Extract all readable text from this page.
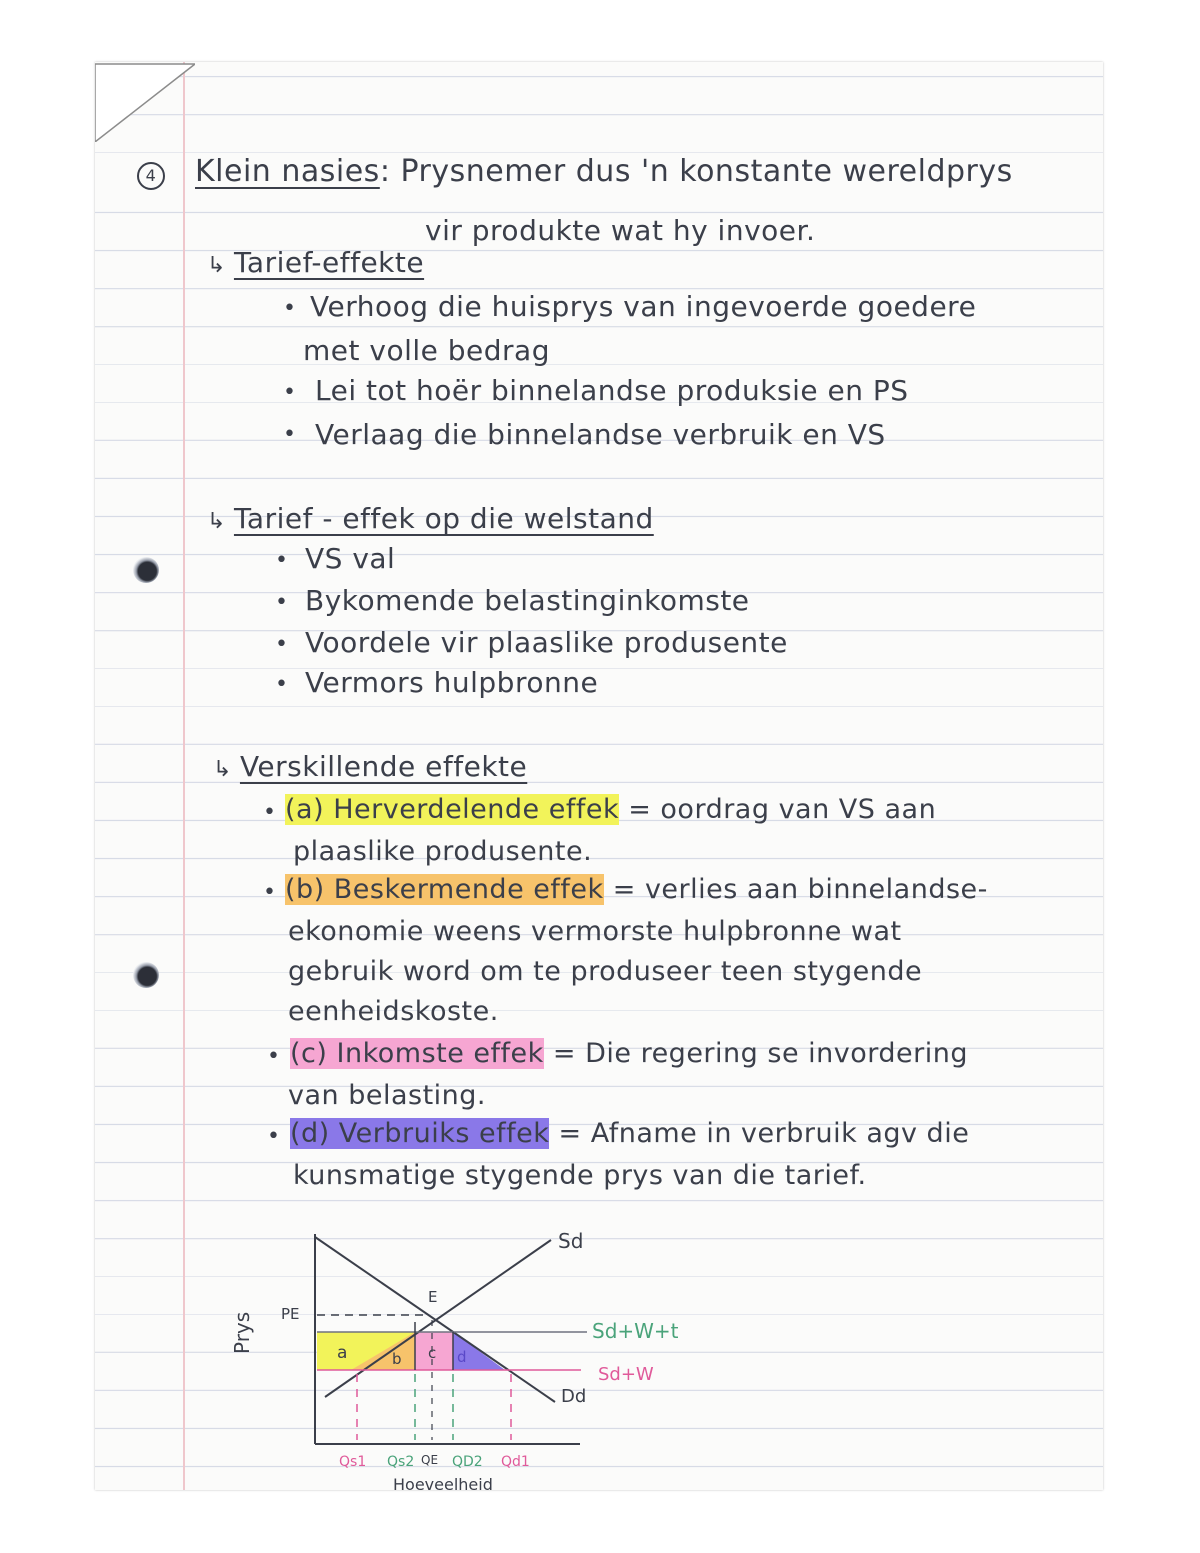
4 Klein nasies: Prysnemer dus 'n konstante wereldprys
vir produkte wat hy invoer.
↳ Tarief-effekte
• Verhoog die huisprys van ingevoerde goedere
met volle bedrag
• Lei tot hoër binnelandse produksie en PS
• Verlaag die binnelandse verbruik en VS
↳ Tarief - effek op die welstand
• VS val
• Bykomende belastinginkomste
• Voordele vir plaaslike produsente
• Vermors hulpbronne
↳ Verskillende effekte
• (a) Herverdelende effek = oordrag van VS aan
plaaslike produsente.
• (b) Beskermende effek = verlies aan binnelandse-
ekonomie weens vermorste hulpbronne wat
gebruik word om te produseer teen stygende
eenheidskoste.
• (c) Inkomste effek = Die regering se invordering
van belasting.
• (d) Verbruiks effek = Afname in verbruik agv die
kunsmatige stygende prys van die tarief.
Prys PE
E
Sd
Dd
Sd+W+t
Sd+W
a	b c d
Qs1 Qs2 QE QD2 Qd1
Hoeveelheid
